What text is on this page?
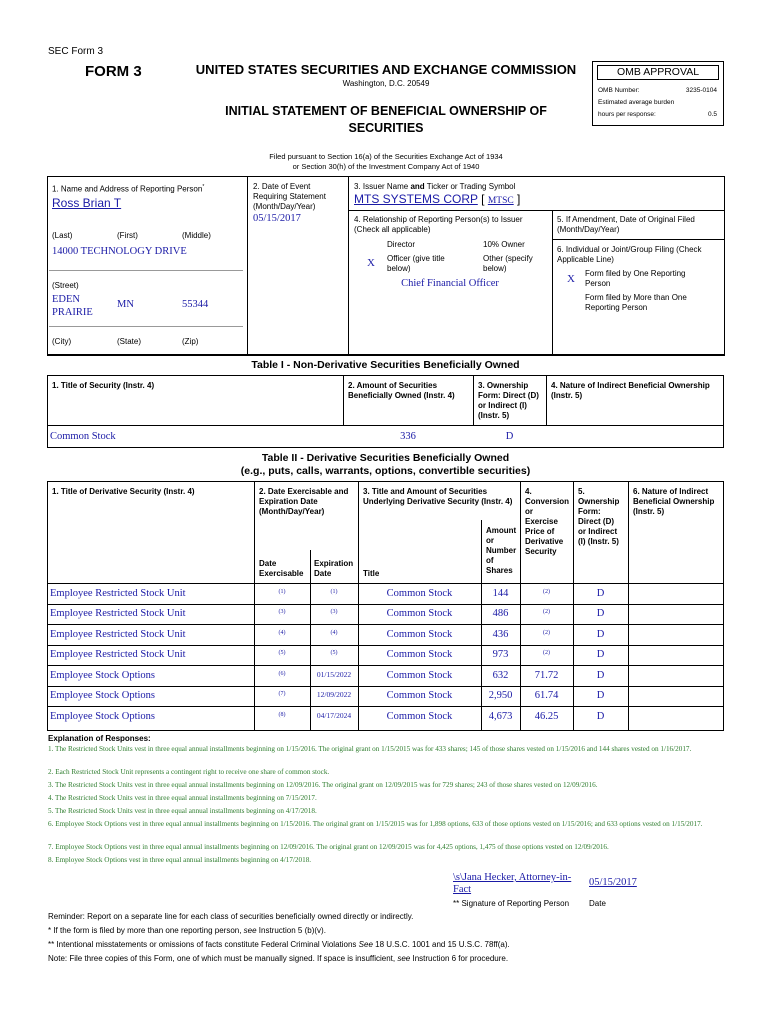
SEC Form 3
FORM 3	UNITED STATES SECURITIES AND EXCHANGE COMMISSION
Washington, D.C. 20549
INITIAL STATEMENT OF BENEFICIAL OWNERSHIP OF
SECURITIES
OMB APPROVAL
OMB Number:	3235-0104
Estimated average burden
hours per response:	0.5
Filed pursuant to Section 16(a) of the Securities Exchange Act of 1934
or Section 30(h) of the Investment Company Act of 1940
1. Name and Address of Reporting Person*
Ross Brian T
(Last)	(First)	(Middle)
14000 TECHNOLOGY DRIVE
(Street)
EDEN
PRAIRIE
MN	55344
(City)	(State)	(Zip)
2. Date of Event
Requiring Statement
(Month/Day/Year)
05/15/2017
3. Issuer Name and Ticker or Trading Symbol
MTS SYSTEMS CORP [ MTSC ]
4. Relationship of Reporting Person(s) to Issuer
(Check all applicable)
Director	10% Owner
X Officer (give title
below)
Other (specify
below)
Chief Financial Officer
5. If Amendment, Date of Original Filed
(Month/Day/Year)
6. Individual or Joint/Group Filing (Check
Applicable Line)
X Form filed by One Reporting
Person
Form filed by More than One
Reporting Person
Table I - Non-Derivative Securities Beneficially Owned
1. Title of Security (Instr. 4)	2. Amount of Securities
Beneficially Owned (Instr. 4)
3. Ownership
Form: Direct (D)
or Indirect (I)
(Instr. 5)
4. Nature of Indirect Beneficial Ownership
(Instr. 5)
Common Stock	336	D
Table II - Derivative Securities Beneficially Owned
(e.g., puts, calls, warrants, options, convertible securities)
1. Title of Derivative Security (Instr. 4)	2. Date Exercisable and
Expiration Date
(Month/Day/Year)
3. Title and Amount of Securities
Underlying Derivative Security (Instr. 4)
4.
Conversion
or
Exercise
Price of
Derivative
Security
5.
Ownership
Form:
Direct (D)
or Indirect
(I) (Instr. 5)
6. Nature of Indirect
Beneficial Ownership
(Instr. 5)
Date
Exercisable
Expiration
Date	Title
Amount
or
Number
of
Shares
Employee Restricted Stock Unit	(1)	(1)	Common Stock	144	(2)	D
Employee Restricted Stock Unit	(3)	(3)	Common Stock	486	(2)	D
Employee Restricted Stock Unit	(4)	(4)	Common Stock	436	(2)	D
Employee Restricted Stock Unit	(5)	(5)	Common Stock	973	(2)	D
Employee Stock Options	(6)	01/15/2022	Common Stock	632	71.72	D
Employee Stock Options	(7)	12/09/2022	Common Stock	2,950	61.74	D
Employee Stock Options	(8)	04/17/2024	Common Stock	4,673	46.25	D
Explanation of Responses:
1. The Restricted Stock Units vest in three equal annual installments beginning on 1/15/2016. The original grant on 1/15/2015 was for 433 shares; 145 of those shares vested on 1/15/2016 and 144 shares vested on 1/16/2017.
2. Each Restricted Stock Unit represents a contingent right to receive one share of common stock.
3. The Restricted Stock Units vest in three equal annual installments beginning on 12/09/2016. The original grant on 12/09/2015 was for 729 shares; 243 of those shares vested on 12/09/2016.
4. The Restricted Stock Units vest in three equal annual installments beginning on 7/15/2017.
5. The Restricted Stock Units vest in three equal annual installments beginning on 4/17/2018.
6. Employee Stock Options vest in three equal annual installments beginning on 1/15/2016. The original grant on 1/15/2015 was for 1,898 options, 633 of those options vested on 1/15/2016; and 633 options vested on 1/15/2017.
7. Employee Stock Options vest in three equal annual installments beginning on 12/09/2016. The original grant on 12/09/2015 was for 4,425 options, 1,475 of those options vested on 12/09/2016.
8. Employee Stock Options vest in three equal annual installments beginning on 4/17/2018.
\s\Jana Hecker, Attorney-in-
Fact
05/15/2017
** Signature of Reporting Person Date
Reminder: Report on a separate line for each class of securities beneficially owned directly or indirectly.
* If the form is filed by more than one reporting person, see Instruction 5 (b)(v).
** Intentional misstatements or omissions of facts constitute Federal Criminal Violations See 18 U.S.C. 1001 and 15 U.S.C. 78ff(a).
Note: File three copies of this Form, one of which must be manually signed. If space is insufficient, see Instruction 6 for procedure.
